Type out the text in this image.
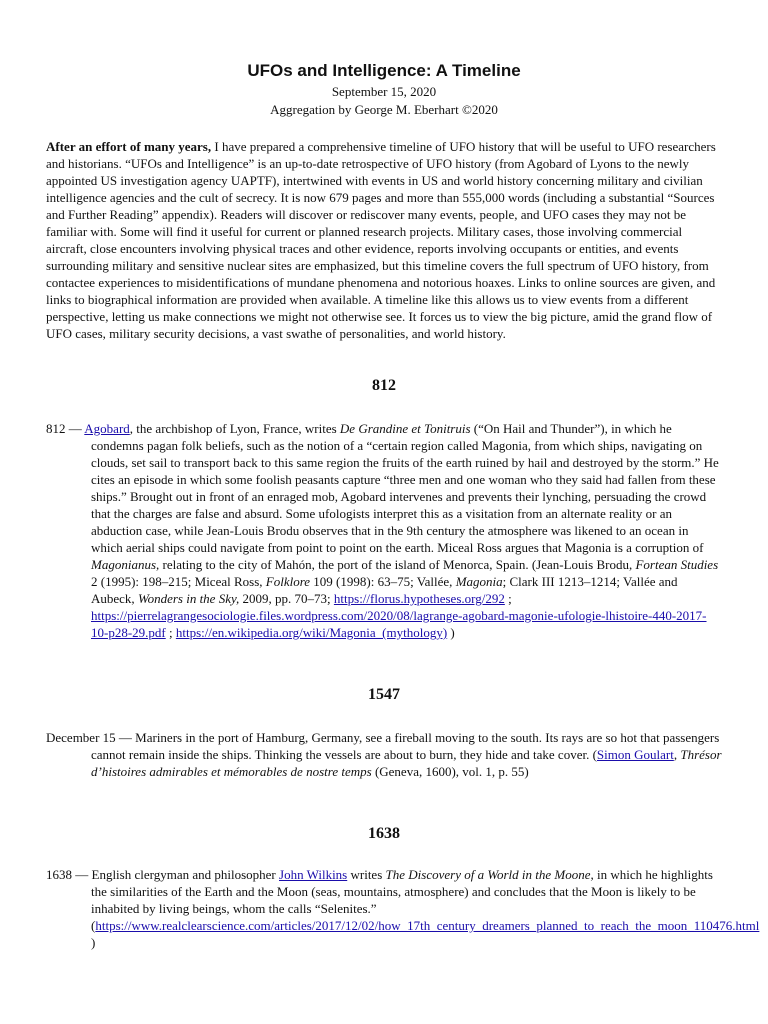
UFOs and Intelligence: A Timeline

September 15, 2020

Aggregation by George M. Eberhart ©2020

After an effort of many years, I have prepared a comprehensive timeline of UFO history that will be useful to UFO researchers and historians. “UFOs and Intelligence” is an up-to-date retrospective of UFO history (from Agobard of Lyons to the newly appointed US investigation agency UAPTF), intertwined with events in US and world history concerning military and civilian intelligence agencies and the cult of secrecy. It is now 679 pages and more than 555,000 words (including a substantial “Sources and Further Reading” appendix). Readers will discover or rediscover many events, people, and UFO cases they may not be familiar with. Some will find it useful for current or planned research projects. Military cases, those involving commercial aircraft, close encounters involving physical traces and other evidence, reports involving occupants or entities, and events surrounding military and sensitive nuclear sites are emphasized, but this timeline covers the full spectrum of UFO history, from contactee experiences to misidentifications of mundane phenomena and notorious hoaxes. Links to online sources are given, and links to biographical information are provided when available. A timeline like this allows us to view events from a different perspective, letting us make connections we might not otherwise see. It forces us to view the big picture, amid the grand flow of UFO cases, military security decisions, a vast swathe of personalities, and world history.

812

812 — Agobard, the archbishop of Lyon, France, writes De Grandine et Tonitruis (“On Hail and Thunder”), in which he condemns pagan folk beliefs, such as the notion of a “certain region called Magonia, from which ships, navigating on clouds, set sail to transport back to this same region the fruits of the earth ruined by hail and destroyed by the storm.” He cites an episode in which some foolish peasants capture “three men and one woman who they said had fallen from these ships.” Brought out in front of an enraged mob, Agobard intervenes and prevents their lynching, persuading the crowd that the charges are false and absurd. Some ufologists interpret this as a visitation from an alternate reality or an abduction case, while Jean-Louis Brodu observes that in the 9th century the atmosphere was likened to an ocean in which aerial ships could navigate from point to point on the earth. Miceal Ross argues that Magonia is a corruption of Magonianus, relating to the city of Mahón, the port of the island of Menorca, Spain. (Jean-Louis Brodu, Fortean Studies 2 (1995): 198–215; Miceal Ross, Folklore 109 (1998): 63–75; Vallée, Magonia; Clark III 1213–1214; Vallée and Aubeck, Wonders in the Sky, 2009, pp. 70–73; https://florus.hypotheses.org/292 ; https://pierrelagrangesociologie.files.wordpress.com/2020/08/lagrange-agobard-magonie-ufologie-lhistoire-440-2017-10-p28-29.pdf ; https://en.wikipedia.org/wiki/Magonia_(mythology) )

1547

December 15 — Mariners in the port of Hamburg, Germany, see a fireball moving to the south. Its rays are so hot that passengers cannot remain inside the ships. Thinking the vessels are about to burn, they hide and take cover. (Simon Goulart, Thrésor d’histoires admirables et mémorables de nostre temps (Geneva, 1600), vol. 1, p. 55)

1638

1638 — English clergyman and philosopher John Wilkins writes The Discovery of a World in the Moone, in which he highlights the similarities of the Earth and the Moon (seas, mountains, atmosphere) and concludes that the Moon is likely to be inhabited by living beings, whom the calls “Selenites.” (https://www.realclearscience.com/articles/2017/12/02/how_17th_century_dreamers_planned_to_reach_the_moon_110476.html )
